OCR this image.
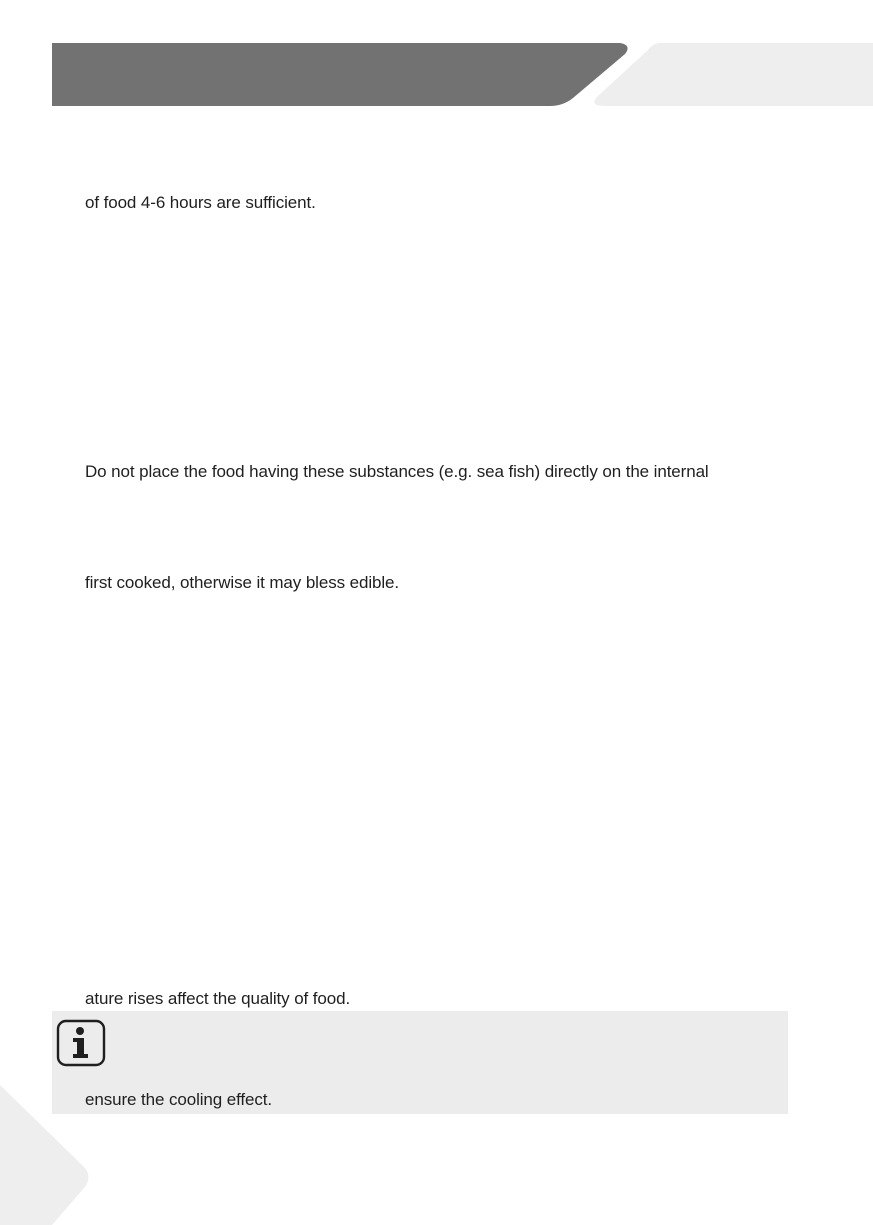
of food 4-6 hours are sufficient.
Do not place the food having these substances (e.g. sea fish) directly on the internal
first cooked, otherwise it may bless edible.
ature rises affect the quality of food.
ensure the cooling effect.
